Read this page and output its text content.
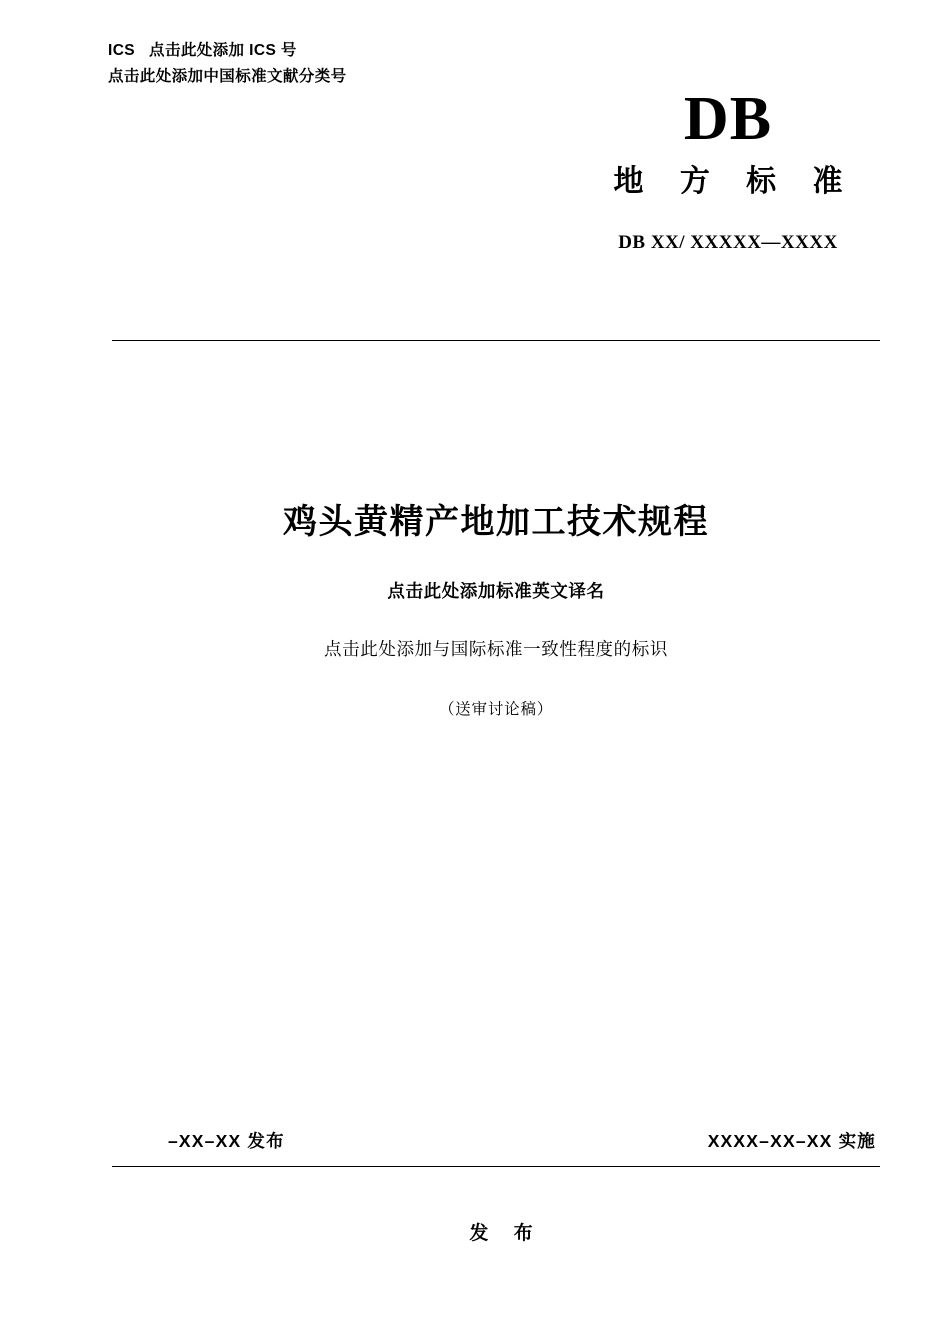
ICS 点击此处添加 ICS 号
点击此处添加中国标准文献分类号
DB
地 方 标 准
DB XX/ XXXXX—XXXX
鸡头黄精产地加工技术规程
点击此处添加标准英文译名
点击此处添加与国际标准一致性程度的标识
（送审讨论稿）
–XX–XX 发布	XXXX–XX–XX 实施
发 布
